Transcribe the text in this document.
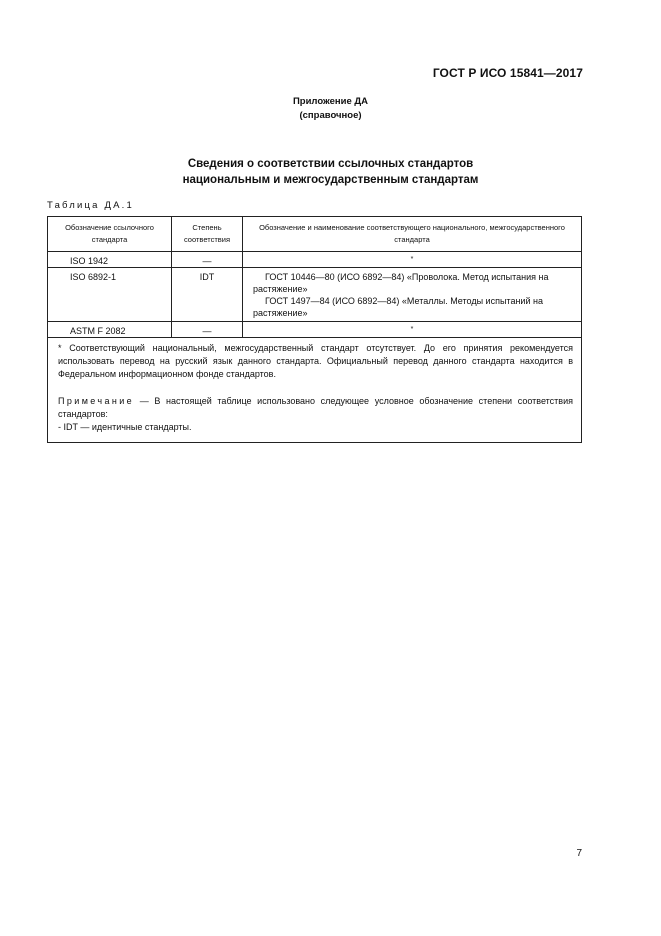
ГОСТ Р ИСО 15841—2017
Приложение ДА
(справочное)
Сведения о соответствии ссылочных стандартов
национальным и межгосударственным стандартам
Таблица ДА.1
Обозначение ссылочного стандарта	Степень соответствия	Обозначение и наименование соответствующего национального, межгосударственного стандарта
ISO 1942	—	*
ISO 6892-1	IDT	ГОСТ 10446—80 (ИСО 6892—84) «Проволока. Метод испытания на растяжение»
ГОСТ 1497—84 (ИСО 6892—84) «Металлы. Методы испытаний на растяжение»

ASTM F 2082	—	*

* Соответствующий национальный, межгосударственный стандарт отсутствует. До его принятия рекомендуется использовать перевод на русский язык данного стандарта. Официальный перевод данного стандарта находится в Федеральном информационном фонде стандартов.

Примечание — В настоящей таблице использовано следующее условное обозначение степени соответствия стандартов:

- IDT — идентичные стандарты.		

7
